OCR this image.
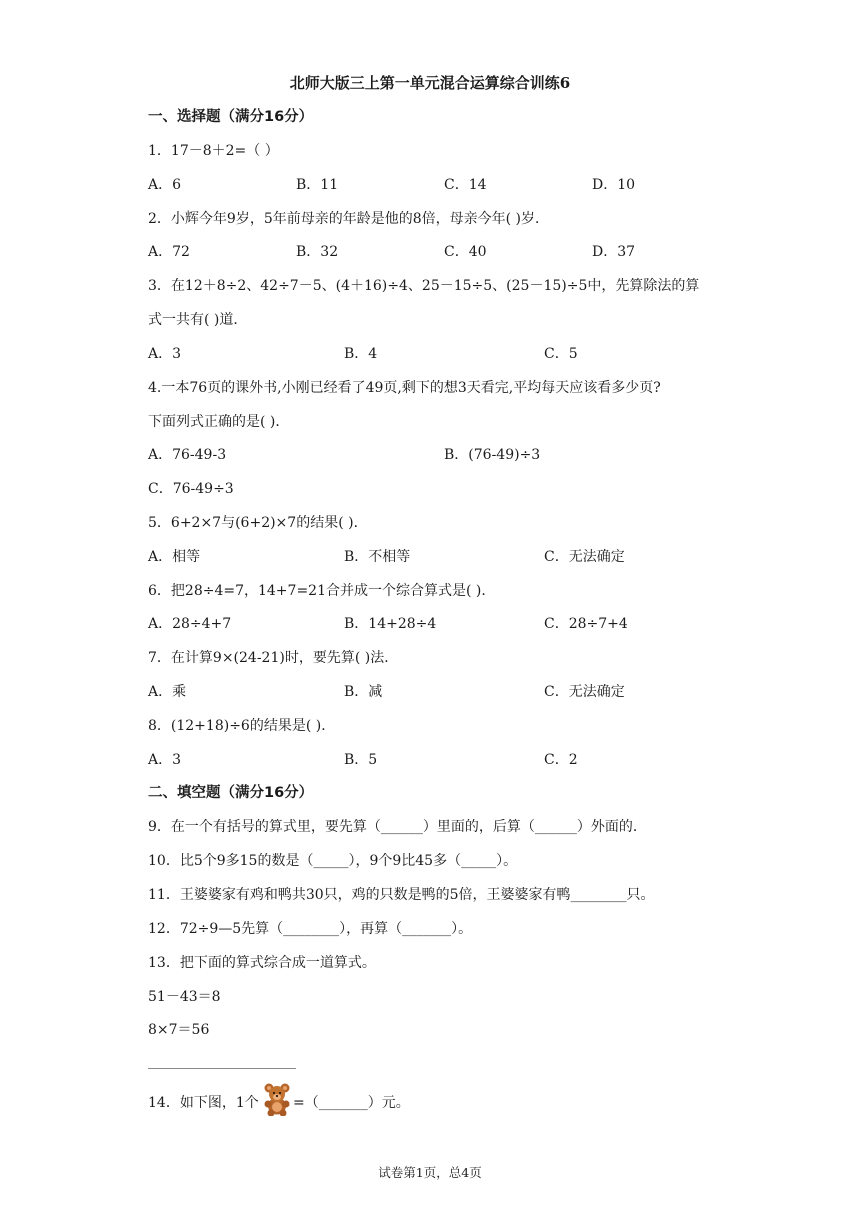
北师大版三上第一单元混合运算综合训练6
一、选择题（满分16分）
1．17－8＋2=（ ）
A．6	B．11	C．14	D．10
2．小辉今年9岁，5年前母亲的年龄是他的8倍，母亲今年( )岁．
A．72	B．32	C．40	D．37
3．在12＋8÷2、42÷7－5、(4＋16)÷4、25－15÷5、(25－15)÷5中，先算除法的算
式一共有( )道．
A．3	B．4	C．5
4.一本76页的课外书,小刚已经看了49页,剩下的想3天看完,平均每天应该看多少页?
下面列式正确的是( )．
A．76-49-3	B．(76-49)÷3
C．76-49÷3
5．6+2×7与(6+2)×7的结果( )．
A．相等	B．不相等	C．无法确定
6．把28÷4=7，14+7=21合并成一个综合算式是( )．
A．28÷4+7	B．14+28÷4	C．28÷7+4
7．在计算9×(24-21)时，要先算( )法．
A．乘	B．减	C．无法确定
8．(12+18)÷6的结果是( )．
A．3	B．5	C．2
二、填空题（满分16分）
9．在一个有括号的算式里，要先算（______）里面的，后算（______）外面的．
10．比5个9多15的数是（_____），9个9比45多（_____）。
11．王婆婆家有鸡和鸭共30只，鸡的只数是鸭的5倍，王婆婆家有鸭________只。
12．72÷9—5先算（________），再算（_______）。
13．把下面的算式综合成一道算式。
51－43＝8
8×7＝56
14．如下图，1个 =（_______）元。
试卷第1页，总4页
